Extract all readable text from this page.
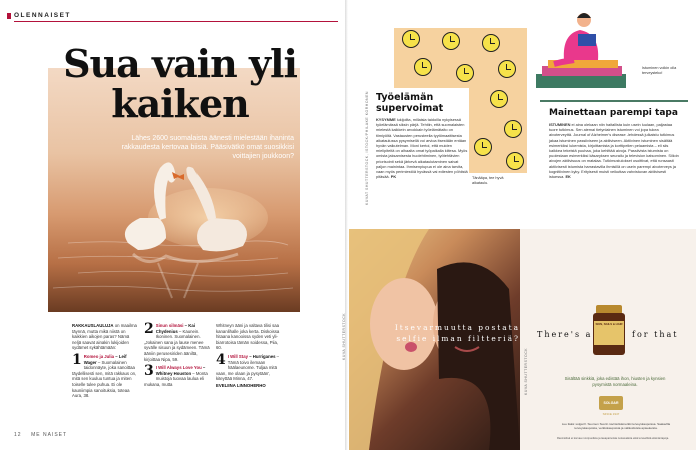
OLENNAISET
Sua vain yli
kaiken
Lähes 2600 suomalaista äänesti mielestään ihaninta rakkaudesta kertovaa biisiä. Pääsivätkö omat suosikkisi voittajien joukkoon?

RAKKAUSLAULUJA on maailma täynnä, mutta mikä niistä on kaikkien aikojen paras? Nämä neljä saavat ainakin lukijoiden sydämet sykähtämään:

1 Romeo ja Julia – Leif Wager – Suomalainen taidonnäyte, joka sanoittaa täydellisesti sen, mitä rakkaus on, mitä sen kuuluu tuntua ja miten toiselle tulee puhua. Ei ole kauniimpia sanoituksia, toteaa Aura, 38.

2 Sinun silmäsi – Kai Chydenius – Kaunein. Ikoninen. Suomalainen. „Jokainen sana ja lause menee syvälle sisuun ja sydämeen. Tämä ääniin perusesiriden ääniltä, kirjoittaa Nipa, 59.

3 I Will Always Love You – Whitney Houston – Monta muistoja tuovaa laulua eli mukana, mutta

Whitneyn ääni ja valtava tilisi saa kananlihalle joka kerta. Diskoissa hitaana kanooissa syden veti yli-biarrotoisa tämän soidessa, Piia, 60.

4 I Will Stay – Hurriganes – Tämä toivo ilemaan häälaeunome. Tuljaa mitä vaan, me olaan ja pysytään', kiteyttää Minna, 47.

EVELIINA LINNOHERHO

KUVA SHUTTERSTOCK
12 ME NAISET
Työelämän supervoimat
KYSYMME lukijoilta, millaisia taidoilla nykyisessä työelämässä siksin pärjä. Tehtiin, että suomalaisten mielestä kaikkein arvokkain työelämätaito on tiimiyöltä. Vastausten perusteella tyytömaattisesta aikataulussa pysymisellä voi arvioa itsestään entäan hyvän vaikutelman. Moni kertoi, että muiden mielipiteitä on alhaalta omat työpaikalla kiitesa. Myös omista jaksamisesta huolehtiminen, työtehtävien priorisointi sekä järkevä aikataulutaminen saivat paljon mainintaa. Ihmisenpiupua ei ole aina tarvita, vaan myös perimiestöä hyvässä vai ediesten pöhiistä pitäsää. PK	Tänääpa, tee hyvä aikataulu.
KUVAT SHUTTERSTOCK, ISTOCK/PHILAKE KORHONEN
Istuminen voikin olla terveysteko!
Mainettaan parempi tapa
ISTUMINEN ei aina olekaan niin haitallista kuin usein luulaan, paljastaa tuore tutkimus. Sen aiemai tietynlainen istuminen voi jopa tukea aivoterveyttä. Journal of Alzheimer's disease -lehdessä julkaistu tutkimus jakaa istuminen passiiviseen ja aktiiviseen. Aktiivinen istuminen sisältää esimerkiksi lukemista, kirjoittamista ja korttipelien pelaamista – eli siis kaikkea tekeistä puuhaa, joka kehittää aivoja. Passiivista istumista on puolestaan esimerkiksi käsaryksen seurailu ja television katsominen. Silloin aivojen aktiivisuus on matalaa. Tutkimustulokset osoittivat, että runsaasti aktiivisesti istumista harrastavilla ihmisillä on usein parempi aivoterveys ja kognitiivinen kyky. Erityisesti muisti veikuttaa vahvistuvan aktiivisesti istuessa. EK
Itsevarmuutta postata
selfie ilman filtteriä? There's a	for that
SKIN, NAILS & HAIR
Sisältää sinkkiä, joka edistää ihon, hiusten ja kynsien pysymistä normaaleina.
SOLGAR
SINCE 1947
Lue lisää: solgar.fi. Suomen Suurin ravintolisämerkki terveyskaupoissa. Saatavilla terveyskaupoista, verkkokaupoista ja valikoiduista apteekeista.
Ravintolisä ei korvaa monipuolista ja tasapainoista ruokavaliota eikä terveellisiä elämäntapoja.
KUVA SHUTTERSTOCK
